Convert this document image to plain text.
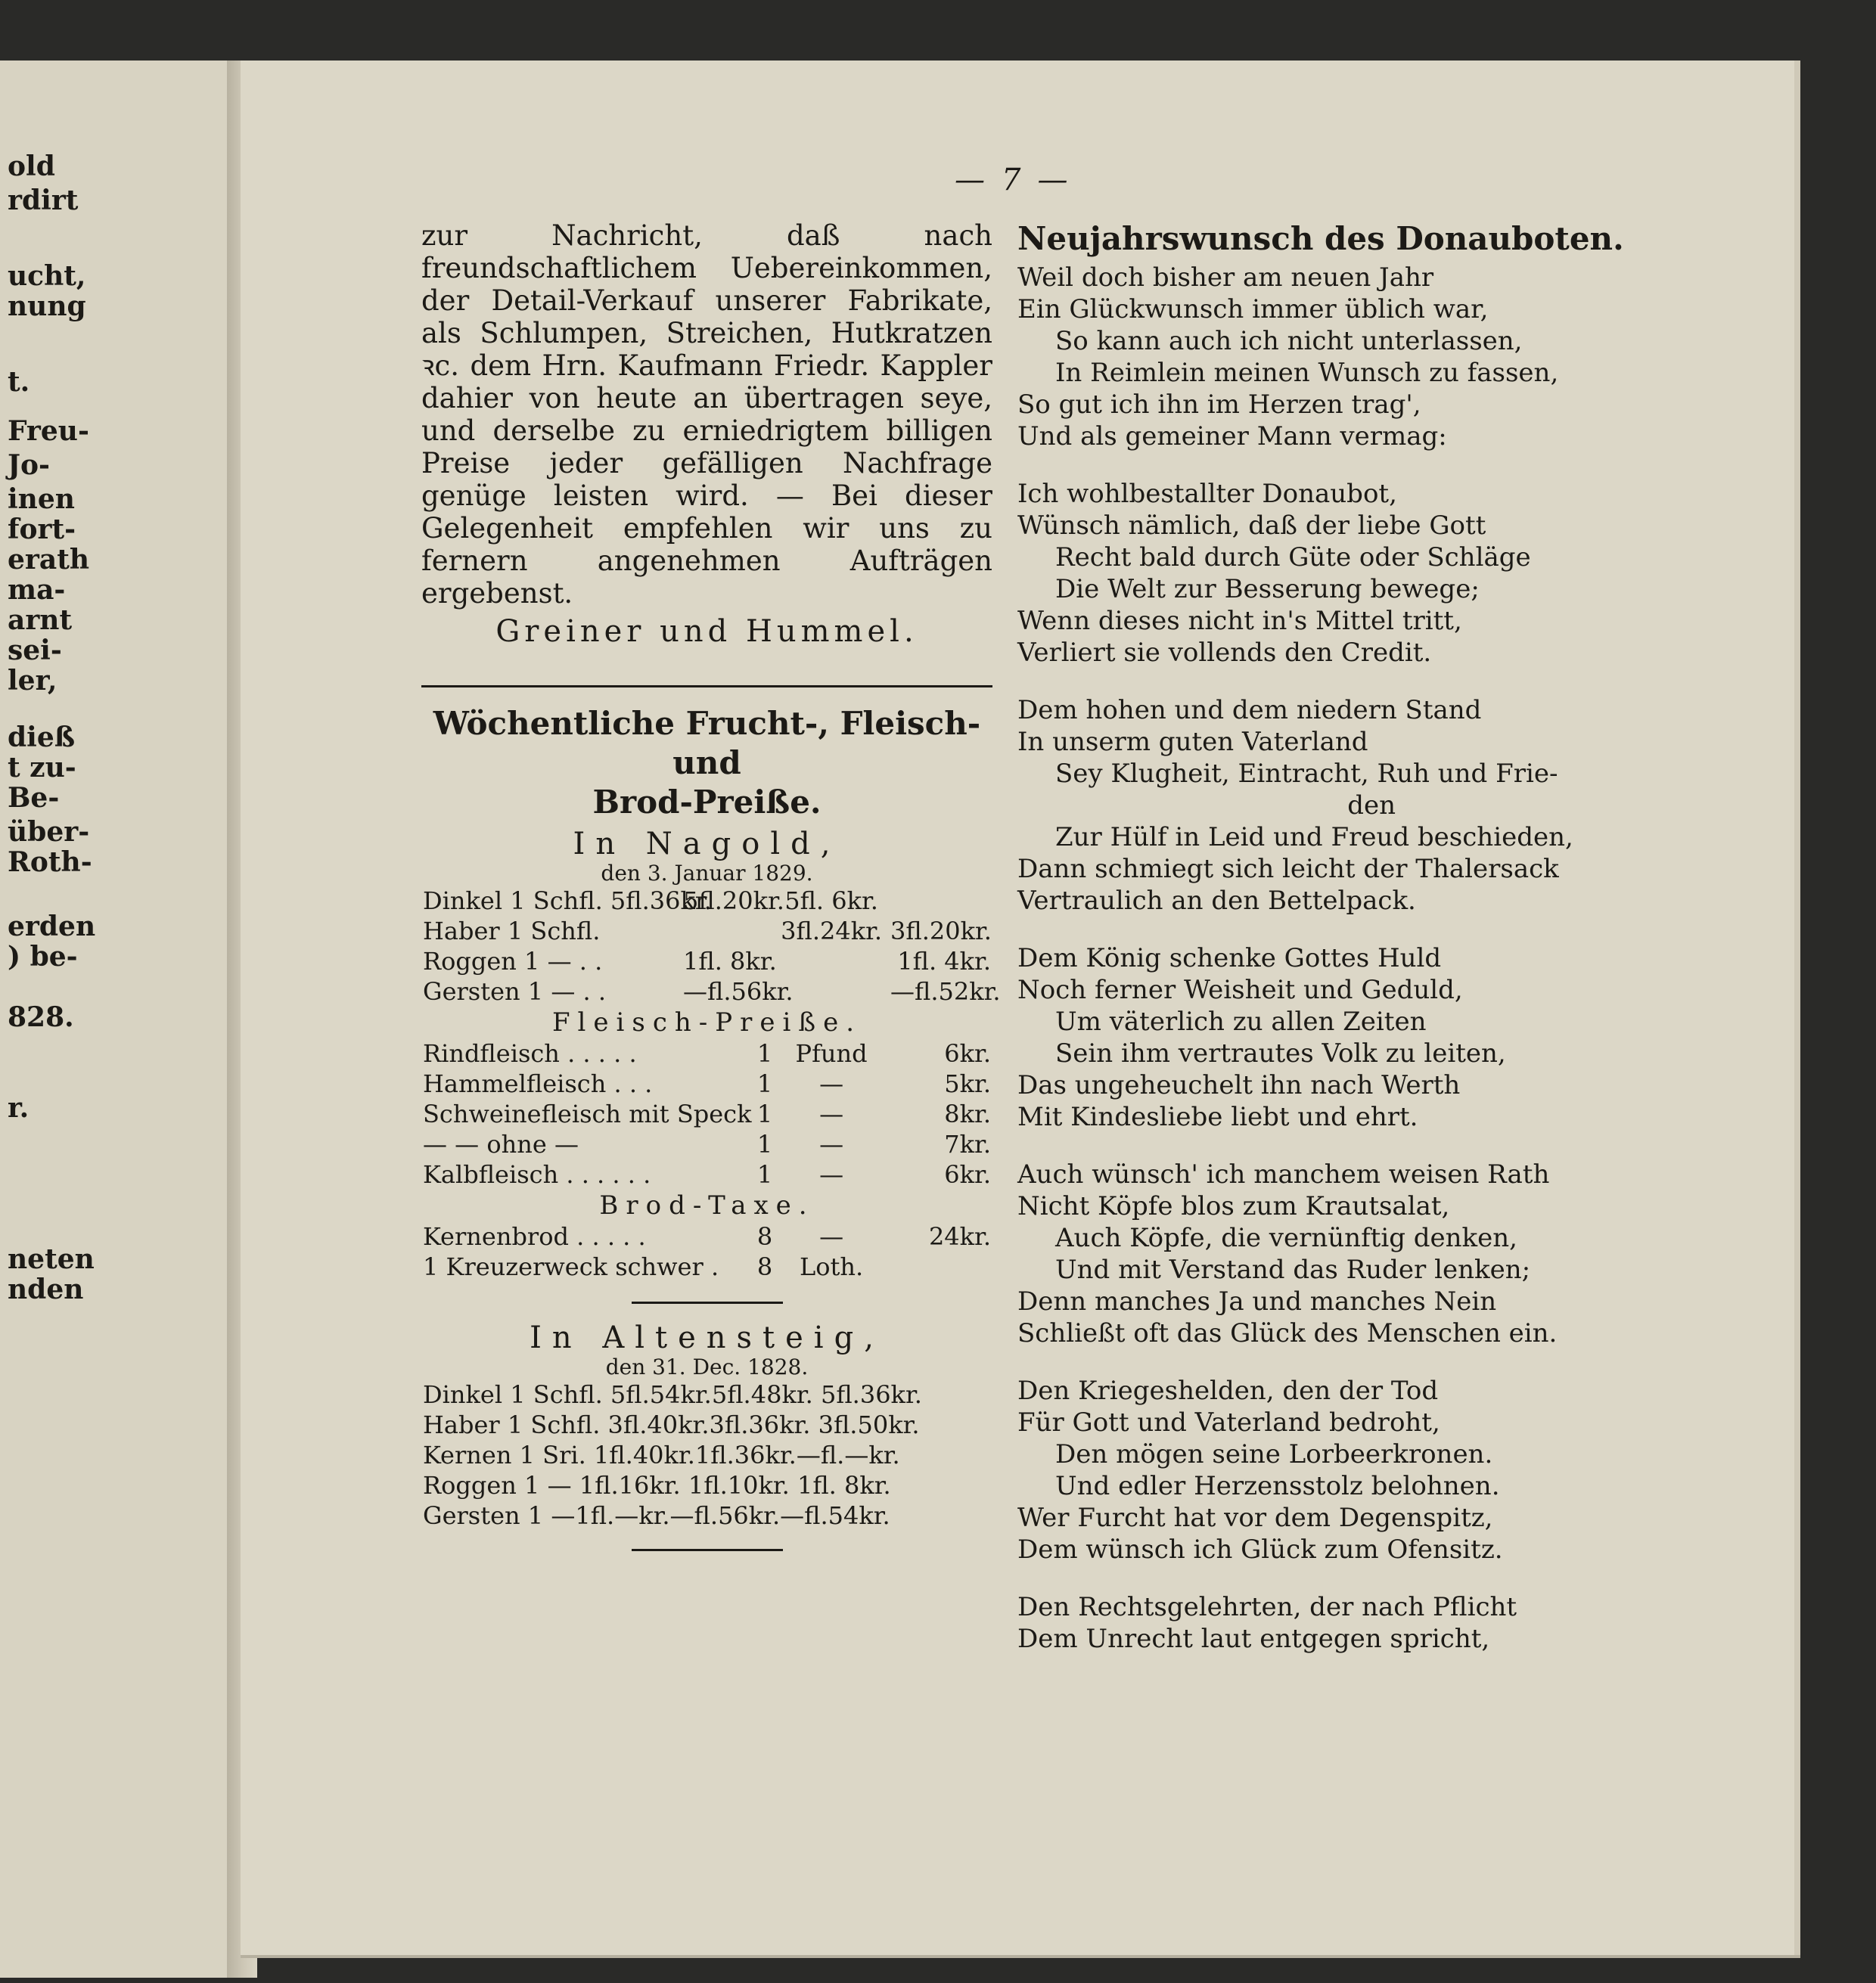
old
rdirt
ucht,
nung
t.
Freu-
Jo-
inen
fort-
erath
ma-
arnt
sei-
ler,
dieß
t zu-
Be-
über-
Roth-
erden
) be-
828.
r.
neten
nden
— 7 —

zur Nachricht, daß nach freundschaftlichem Uebereinkommen, der Detail-Verkauf unserer Fabrikate, als Schlumpen, Streichen, Hutkratzen ꝛc. dem Hrn. Kaufmann Friedr. Kappler dahier von heute an übertragen seye, und derselbe zu erniedrigtem billigen Preise jeder gefälligen Nachfrage genüge leisten wird. — Bei dieser Gelegenheit empfehlen wir uns zu fernern angenehmen Aufträgen ergebenst.

Greiner und Hummel.
Wöchentliche Frucht-, Fleisch- und
Brod-Preiße.
In Nagold,
den 3. Januar 1829.
Dinkel 1 Schfl. 5fl.36kr.	5fl.20kr.	5fl. 6kr.	
Haber 1 Schfl.		3fl.24kr.	3fl.20kr.
Roggen 1 — . .	1fl. 8kr.		1fl. 4kr.
Gersten 1 — . .	—fl.56kr.		—fl.52kr.
Fleisch-Preiße.
Rindfleisch . . . . .	1	Pfund	6kr.
Hammelfleisch . . .	1	—	5kr.
Schweinefleisch mit Speck	1	—	8kr.
— — ohne —	1	—	7kr.
Kalbfleisch . . . . . .	1	—	6kr.
Brod-Taxe.
Kernenbrod . . . . .	8	—	24kr.
1 Kreuzerweck schwer .	8	Loth.	
In Altensteig,
den 31. Dec. 1828.
Dinkel 1 Schfl. 5fl.54kr.5fl.48kr. 5fl.36kr.
Haber 1 Schfl. 3fl.40kr.3fl.36kr. 3fl.50kr.
Kernen 1 Sri. 1fl.40kr.1fl.36kr.—fl.—kr.
Roggen 1 — 1fl.16kr. 1fl.10kr. 1fl. 8kr.
Gersten 1 —1fl.—kr.—fl.56kr.—fl.54kr.
Neujahrswunsch des Donauboten.
Weil doch bisher am neuen Jahr
Ein Glückwunsch immer üblich war,
So kann auch ich nicht unterlassen,
In Reimlein meinen Wunsch zu fassen,
So gut ich ihn im Herzen trag',
Und als gemeiner Mann vermag:
Ich wohlbestallter Donaubot,
Wünsch nämlich, daß der liebe Gott
Recht bald durch Güte oder Schläge
Die Welt zur Besserung bewege;
Wenn dieses nicht in's Mittel tritt,
Verliert sie vollends den Credit.
Dem hohen und dem niedern Stand
In unserm guten Vaterland
Sey Klugheit, Eintracht, Ruh und Frie-
den
Zur Hülf in Leid und Freud beschieden,
Dann schmiegt sich leicht der Thalersack
Vertraulich an den Bettelpack.
Dem König schenke Gottes Huld
Noch ferner Weisheit und Geduld,
Um väterlich zu allen Zeiten
Sein ihm vertrautes Volk zu leiten,
Das ungeheuchelt ihn nach Werth
Mit Kindesliebe liebt und ehrt.
Auch wünsch' ich manchem weisen Rath
Nicht Köpfe blos zum Krautsalat,
Auch Köpfe, die vernünftig denken,
Und mit Verstand das Ruder lenken;
Denn manches Ja und manches Nein
Schließt oft das Glück des Menschen ein.
Den Kriegeshelden, den der Tod
Für Gott und Vaterland bedroht,
Den mögen seine Lorbeerkronen.
Und edler Herzensstolz belohnen.
Wer Furcht hat vor dem Degenspitz,
Dem wünsch ich Glück zum Ofensitz.
Den Rechtsgelehrten, der nach Pflicht
Dem Unrecht laut entgegen spricht,
